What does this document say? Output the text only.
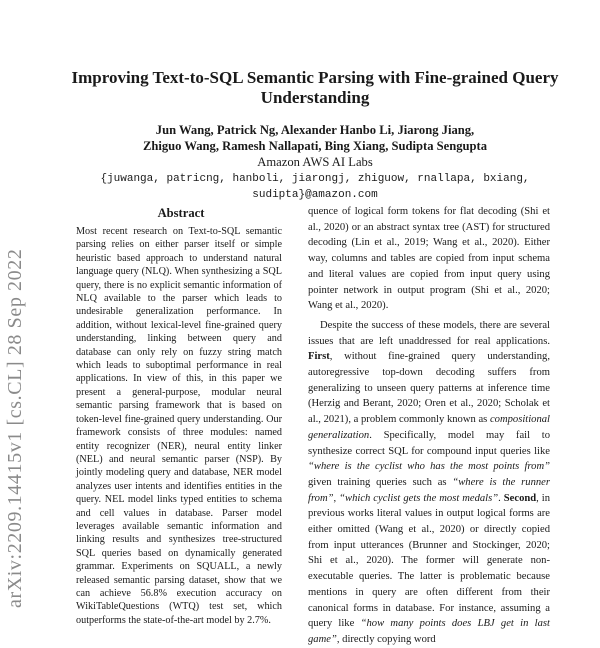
arXiv:2209.14415v1 [cs.CL] 28 Sep 2022
Improving Text-to-SQL Semantic Parsing with Fine-grained Query Understanding
Jun Wang, Patrick Ng, Alexander Hanbo Li, Jiarong Jiang,
Zhiguo Wang, Ramesh Nallapati, Bing Xiang, Sudipta Sengupta
Amazon AWS AI Labs
{juwanga, patricng, hanboli, jiarongj, zhiguow, rnallapa, bxiang, sudipta}@amazon.com
Abstract
Most recent research on Text-to-SQL semantic parsing relies on either parser itself or simple heuristic based approach to understand natural language query (NLQ). When synthesizing a SQL query, there is no explicit semantic information of NLQ available to the parser which leads to undesirable generalization performance. In addition, without lexical-level fine-grained query understanding, linking between query and database can only rely on fuzzy string match which leads to suboptimal performance in real applications. In view of this, in this paper we present a general-purpose, modular neural semantic parsing framework that is based on token-level fine-grained query understanding. Our framework consists of three modules: named entity recognizer (NER), neural entity linker (NEL) and neural semantic parser (NSP). By jointly modeling query and database, NER model analyzes user intents and identifies entities in the query. NEL model links typed entities to schema and cell values in database. Parser model leverages available semantic information and linking results and synthesizes tree-structured SQL queries based on dynamically generated grammar. Experiments on SQUALL, a newly released semantic parsing dataset, show that we can achieve 56.8% execution accuracy on WikiTableQuestions (WTQ) test set, which outperforms the state-of-the-art model by 2.7%.

quence of logical form tokens for flat decoding (Shi et al., 2020) or an abstract syntax tree (AST) for structured decoding (Lin et al., 2019; Wang et al., 2020). Either way, columns and tables are copied from input schema and literal values are copied from input query using pointer network in output program (Shi et al., 2020; Wang et al., 2020).

Despite the success of these models, there are several issues that are left unaddressed for real applications. First, without fine-grained query understanding, autoregressive top-down decoding suffers from generalizing to unseen query patterns at inference time (Herzig and Berant, 2020; Oren et al., 2020; Scholak et al., 2021), a problem commonly known as compositional generalization. Specifically, model may fail to synthesize correct SQL for compound input queries like “where is the cyclist who has the most points from” given training queries such as “where is the runner from”, “which cyclist gets the most medals”. Second, in previous works literal values in output logical forms are either omitted (Wang et al., 2020) or directly copied from input utterances (Brunner and Stockinger, 2020; Shi et al., 2020). The former will generate non-executable queries. The latter is problematic because mentions in query are often different from their canonical forms in database. For instance, assuming a query like “how many points does LBJ get in last game”, directly copying word
